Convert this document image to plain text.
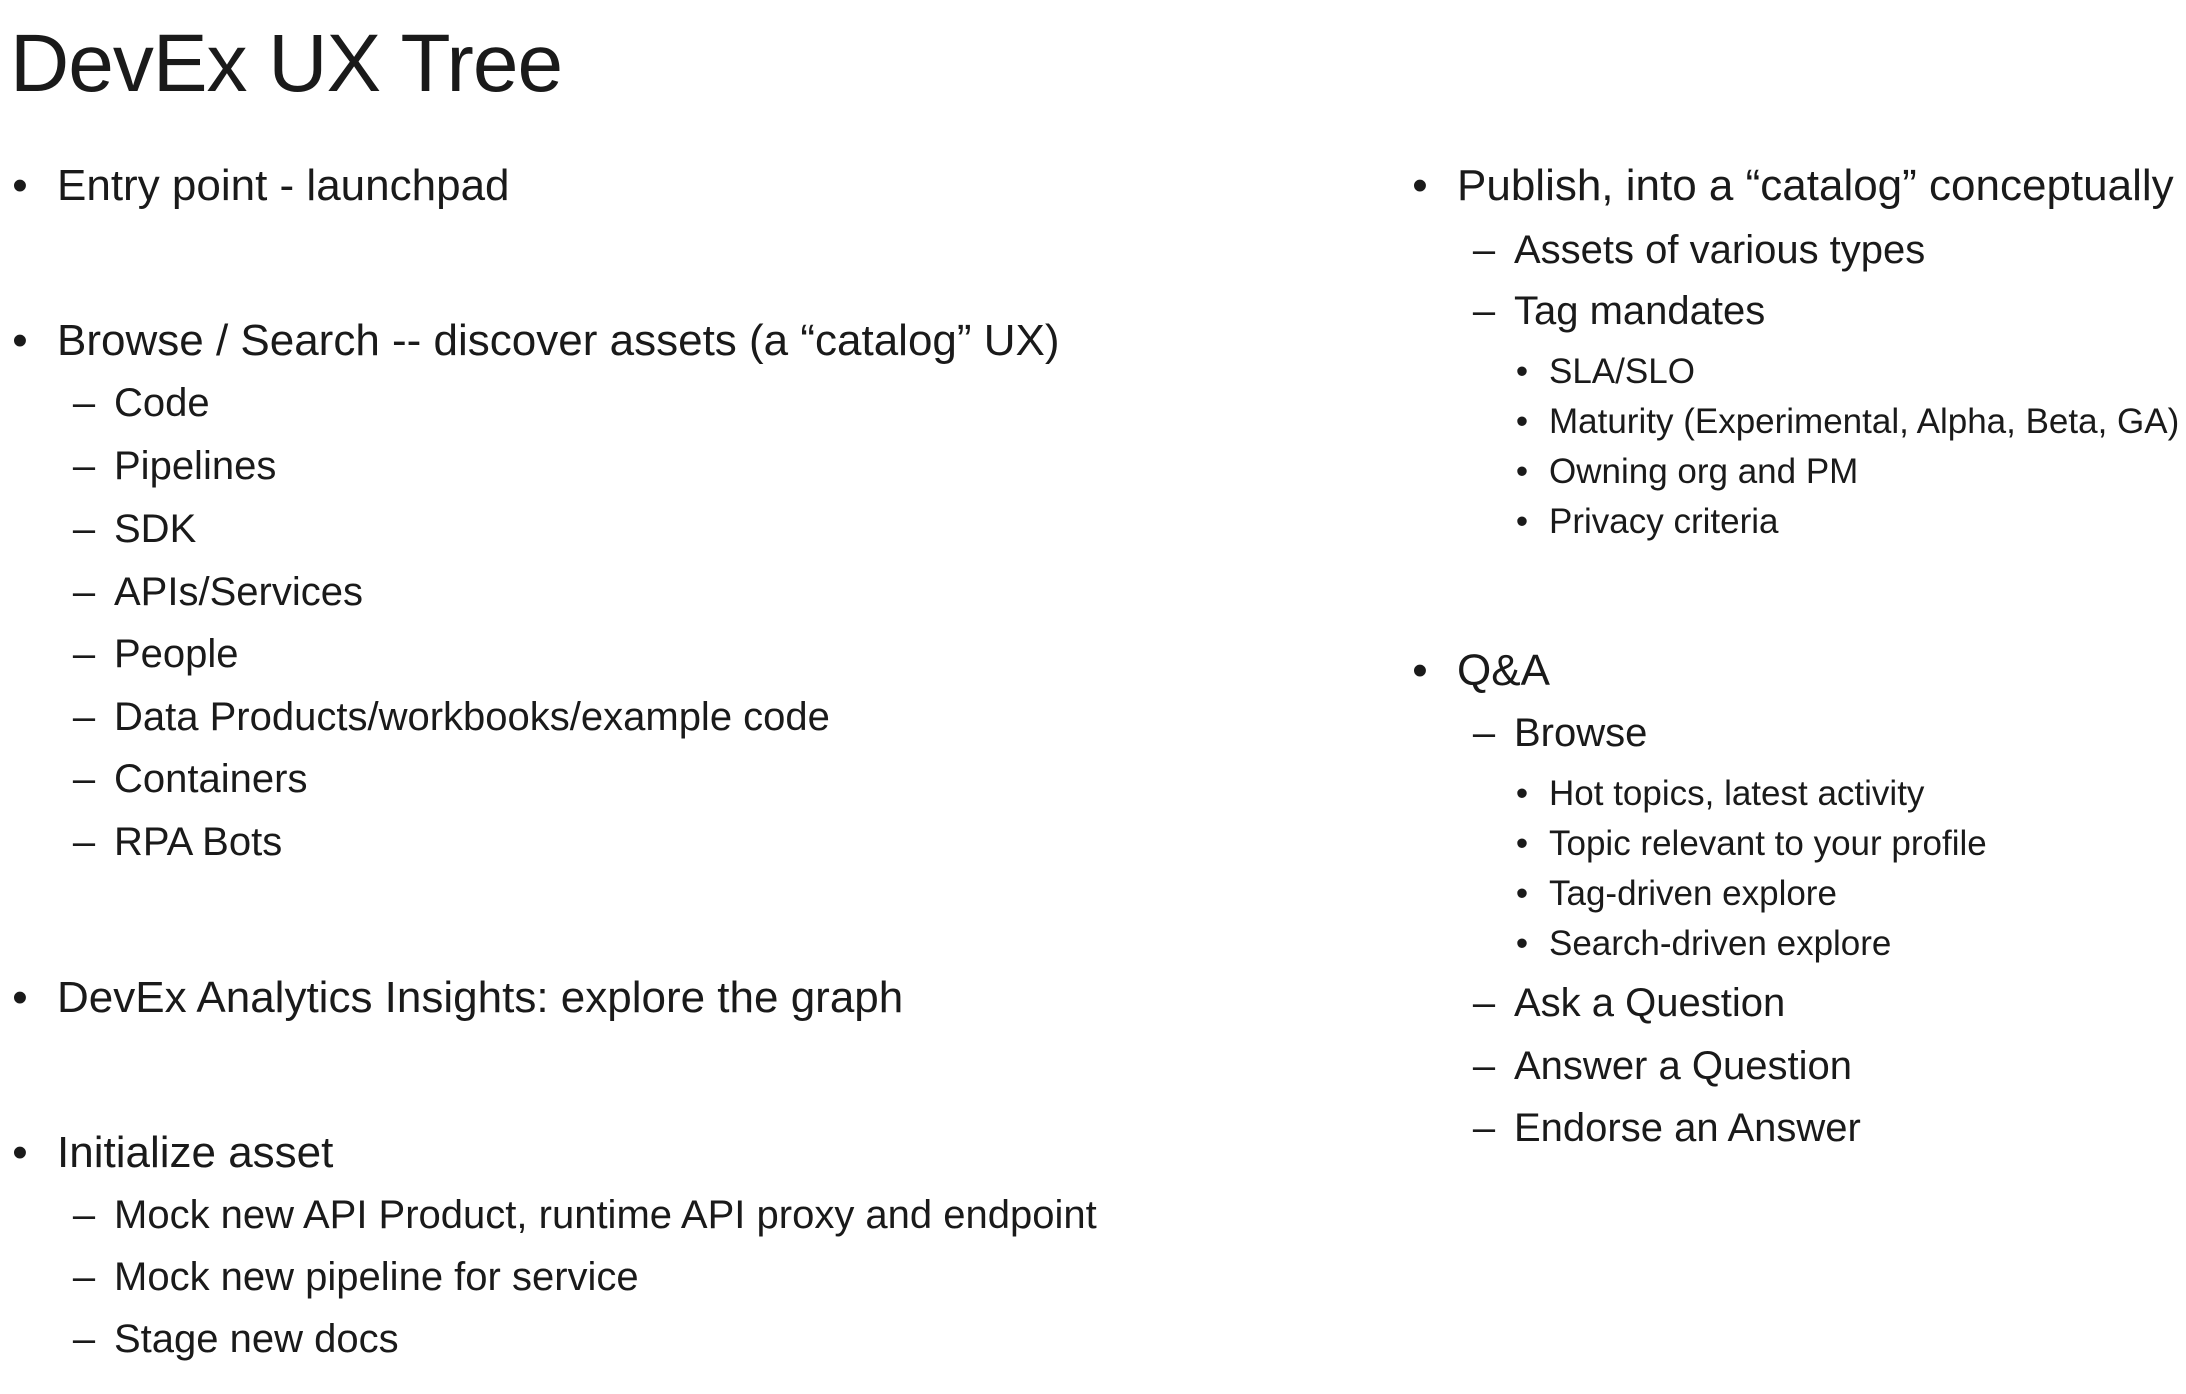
DevEx UX Tree
• Entry point - launchpad
• Browse / Search -- discover assets (a “catalog” UX)
– Code
– Pipelines
– SDK
– APIs/Services
– People
– Data Products/workbooks/example code
– Containers
– RPA Bots
• DevEx Analytics Insights: explore the graph
• Initialize asset
– Mock new API Product, runtime API proxy and endpoint
– Mock new pipeline for service
– Stage new docs
• Publish, into a “catalog” conceptually
– Assets of various types
– Tag mandates
• SLA/SLO
• Maturity (Experimental, Alpha, Beta, GA)
• Owning org and PM
• Privacy criteria
• Q&A
– Browse
• Hot topics, latest activity
• Topic relevant to your profile
• Tag-driven explore
• Search-driven explore
– Ask a Question
– Answer a Question
– Endorse an Answer
